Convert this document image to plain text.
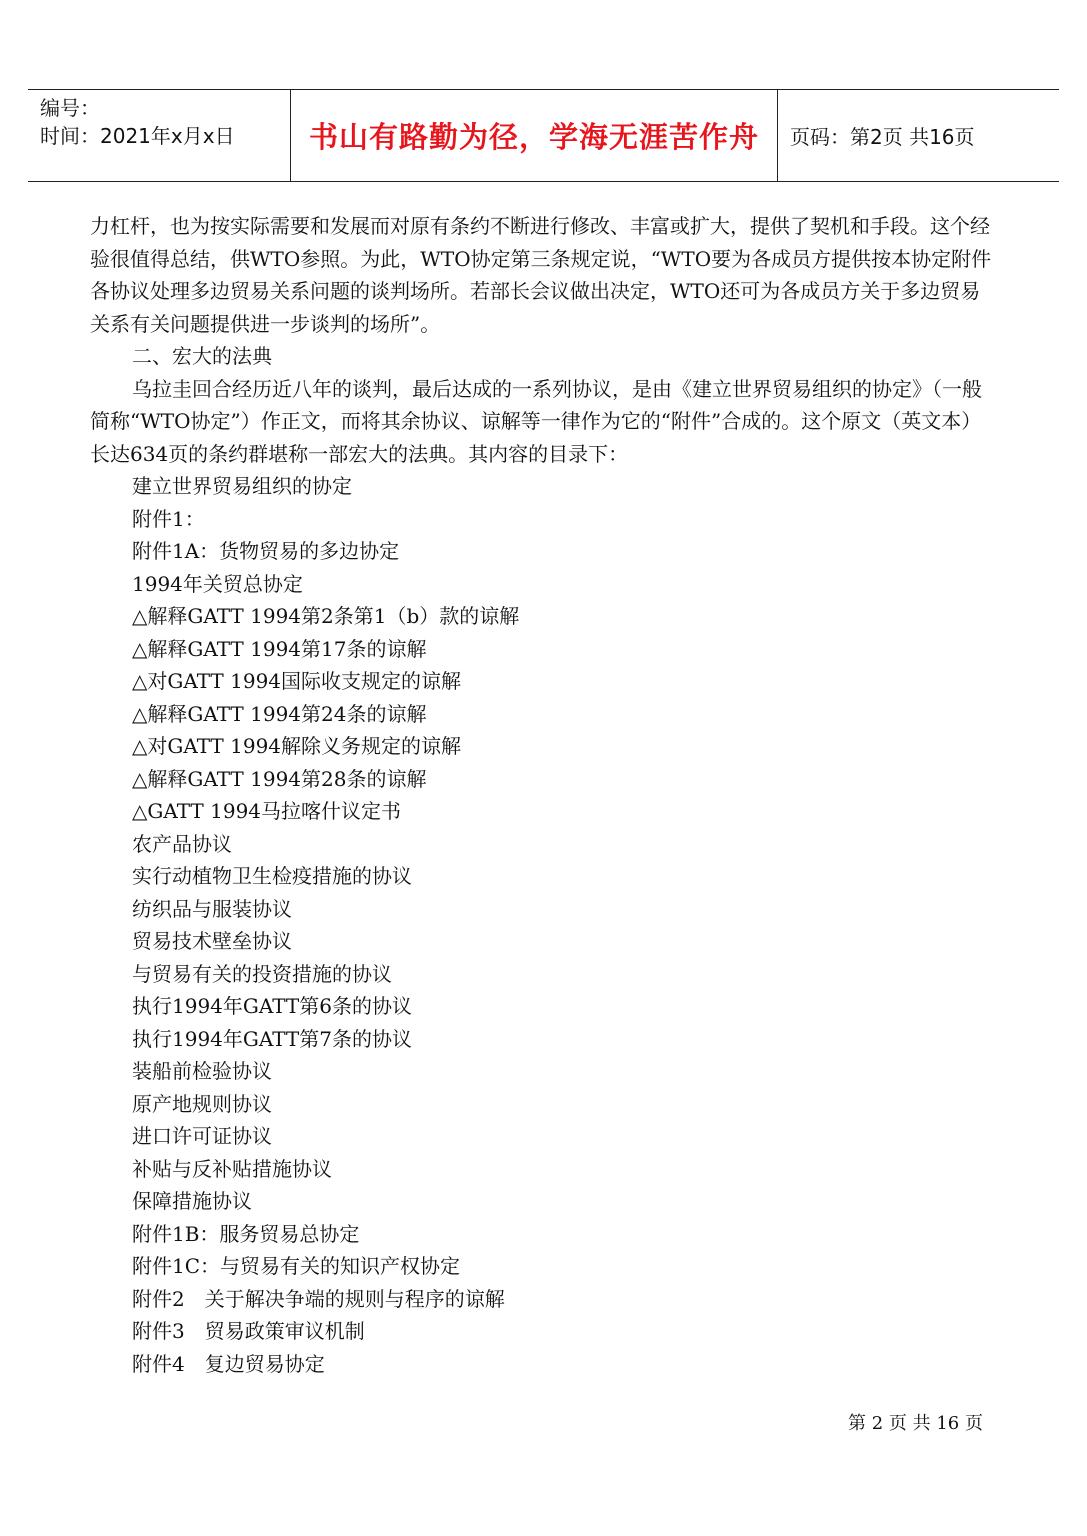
编号：
时间：2021年x月x日	书山有路勤为径，学海无涯苦作舟	页码：第2页 共16页

力杠杆，也为按实际需要和发展而对原有条约不断进行修改、丰富或扩大，提供了契机和手段。这个经验很值得总结，供WTO参照。为此，WTO协定第三条规定说，“WTO要为各成员方提供按本协定附件各协议处理多边贸易关系问题的谈判场所。若部长会议做出决定，WTO还可为各成员方关于多边贸易关系有关问题提供进一步谈判的场所”。

二、宏大的法典

乌拉圭回合经历近八年的谈判，最后达成的一系列协议，是由《建立世界贸易组织的协定》（一般简称“WTO协定”）作正文，而将其余协议、谅解等一律作为它的“附件”合成的。这个原文（英文本）长达634页的条约群堪称一部宏大的法典。其内容的目录下：

建立世界贸易组织的协定

附件1：

附件1A：货物贸易的多边协定

1994年关贸总协定

△解释GATT 1994第2条第1（b）款的谅解

△解释GATT 1994第17条的谅解

△对GATT 1994国际收支规定的谅解

△解释GATT 1994第24条的谅解

△对GATT 1994解除义务规定的谅解

△解释GATT 1994第28条的谅解

△GATT 1994马拉喀什议定书

农产品协议

实行动植物卫生检疫措施的协议

纺织品与服装协议

贸易技术壁垒协议

与贸易有关的投资措施的协议

执行1994年GATT第6条的协议

执行1994年GATT第7条的协议

装船前检验协议

原产地规则协议

进口许可证协议

补贴与反补贴措施协议

保障措施协议

附件1B：服务贸易总协定

附件1C：与贸易有关的知识产权协定

附件2　关于解决争端的规则与程序的谅解

附件3　贸易政策审议机制

附件4　复边贸易协定

第 2 页 共 16 页
